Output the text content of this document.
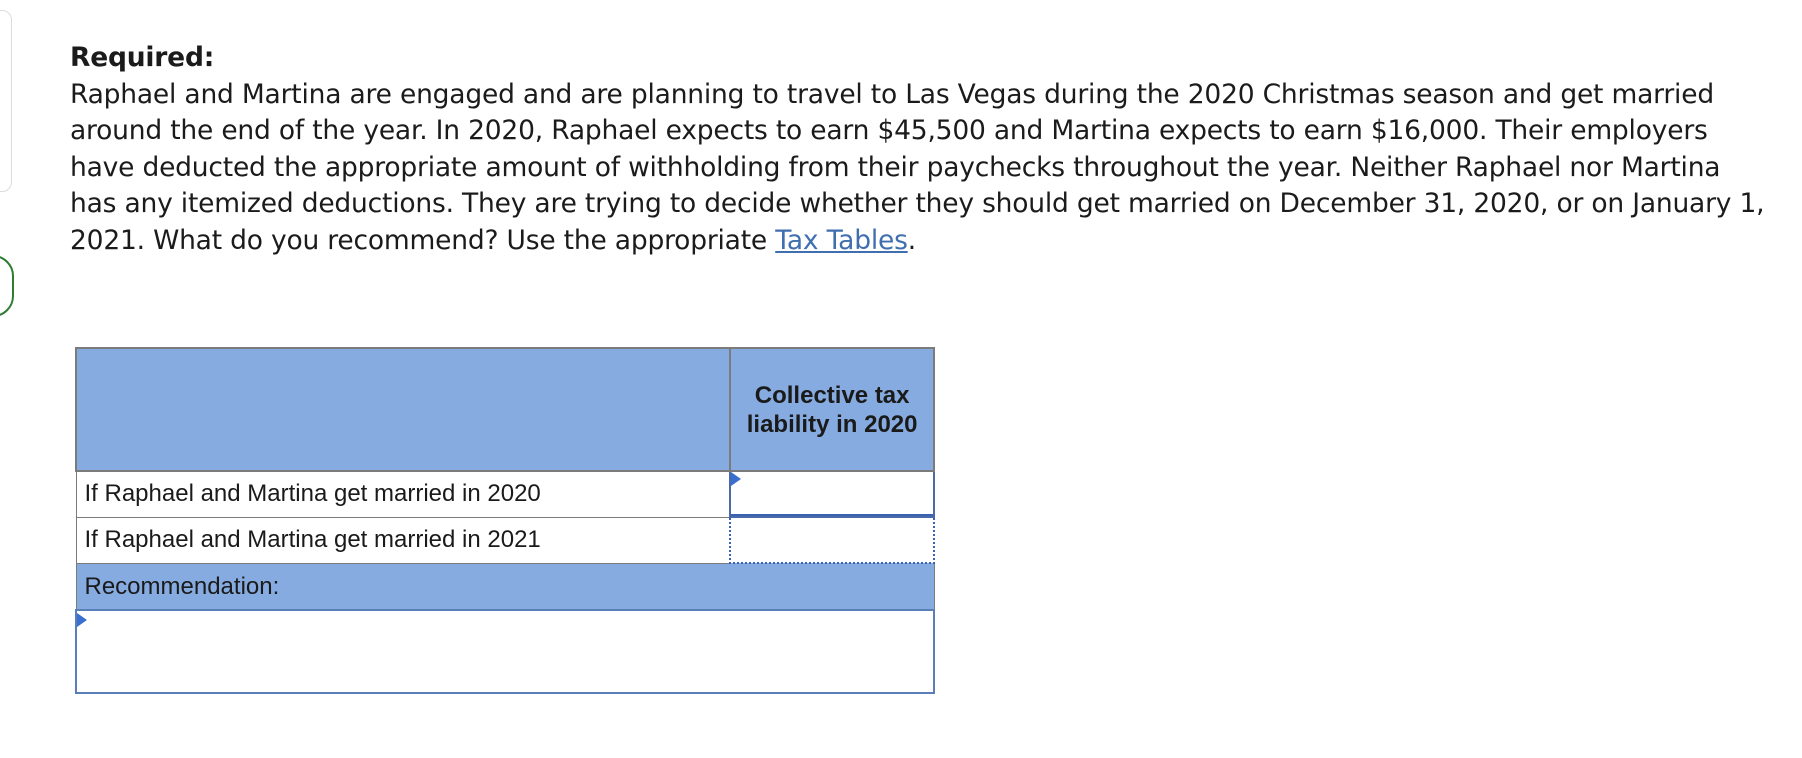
Required:
Raphael and Martina are engaged and are planning to travel to Las Vegas during the 2020 Christmas season and get married around the end of the year. In 2020, Raphael expects to earn $45,500 and Martina expects to earn $16,000. Their employers have deducted the appropriate amount of withholding from their paychecks throughout the year. Neither Raphael nor Martina has any itemized deductions. They are trying to decide whether they should get married on December 31, 2020, or on January 1, 2021. What do you recommend? Use the appropriate Tax Tables.
	Collective tax liability in 2020
If Raphael and Martina get married in 2020	

If Raphael and Martina get married in 2021	
Recommendation:	
